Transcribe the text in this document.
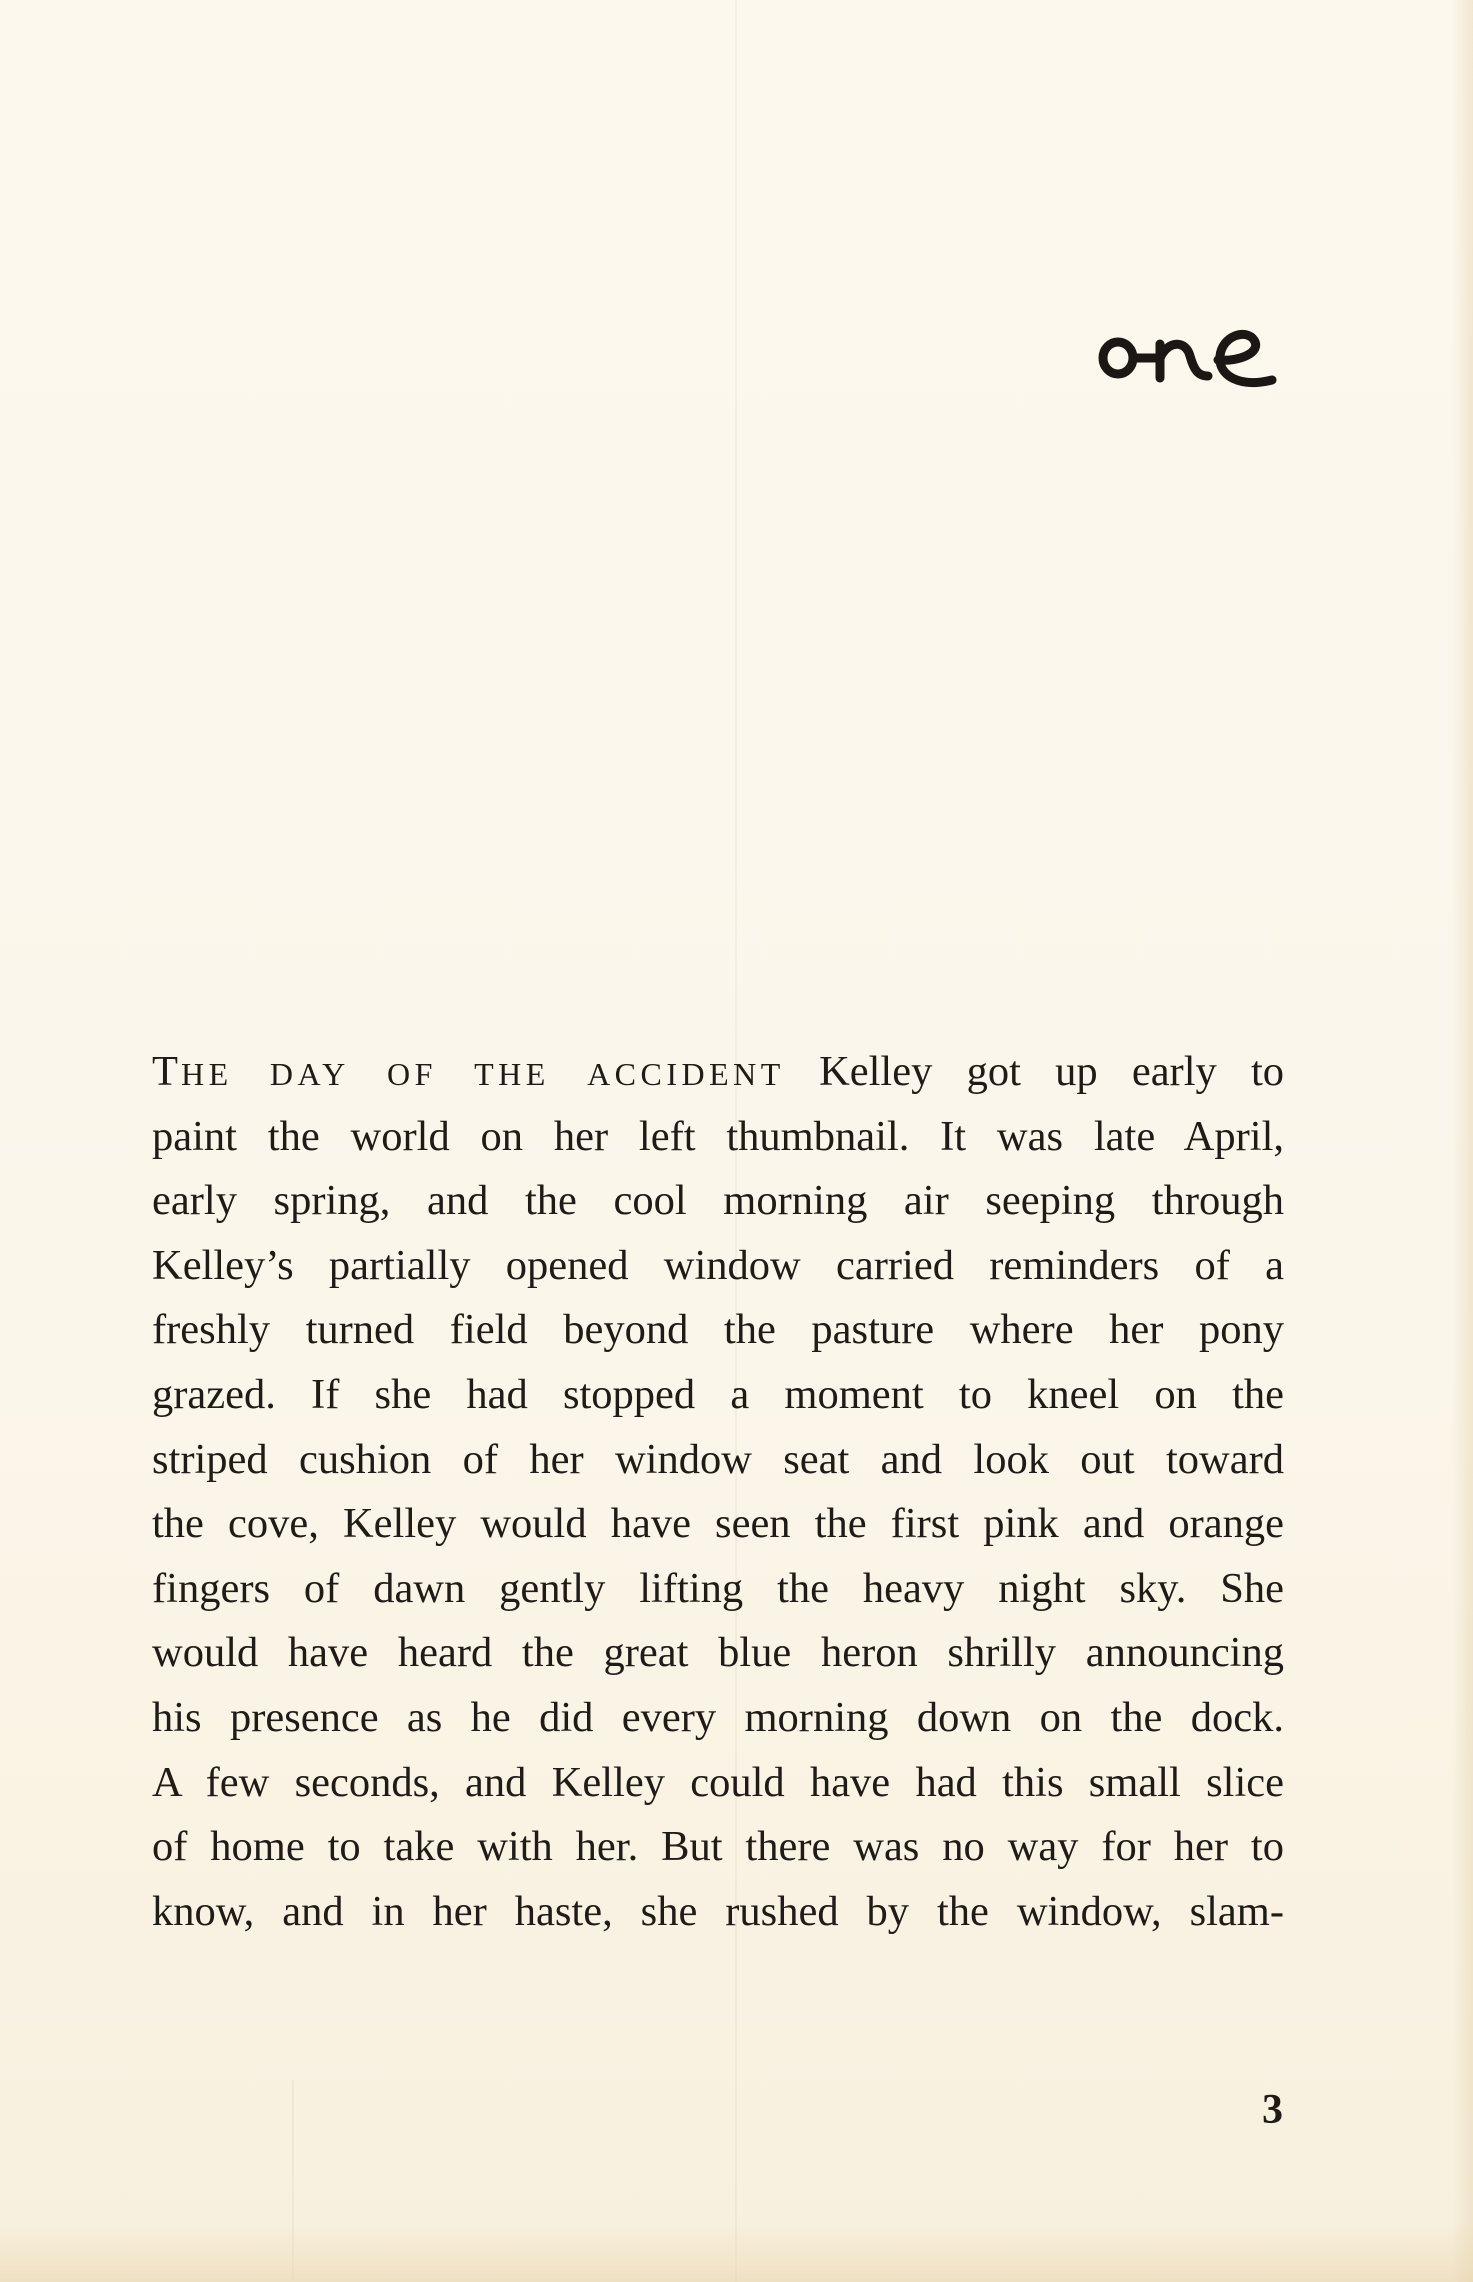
THE DAY OF THE ACCIDENT Kelley got up early to
paint the world on her left thumbnail. It was late April,
early spring, and the cool morning air seeping through
Kelley’s partially opened window carried reminders of a
freshly turned field beyond the pasture where her pony
grazed. If she had stopped a moment to kneel on the
striped cushion of her window seat and look out toward
the cove, Kelley would have seen the first pink and orange
fingers of dawn gently lifting the heavy night sky. She
would have heard the great blue heron shrilly announcing
his presence as he did every morning down on the dock.
A few seconds, and Kelley could have had this small slice
of home to take with her. But there was no way for her to
know, and in her haste, she rushed by the window, slam-
3
